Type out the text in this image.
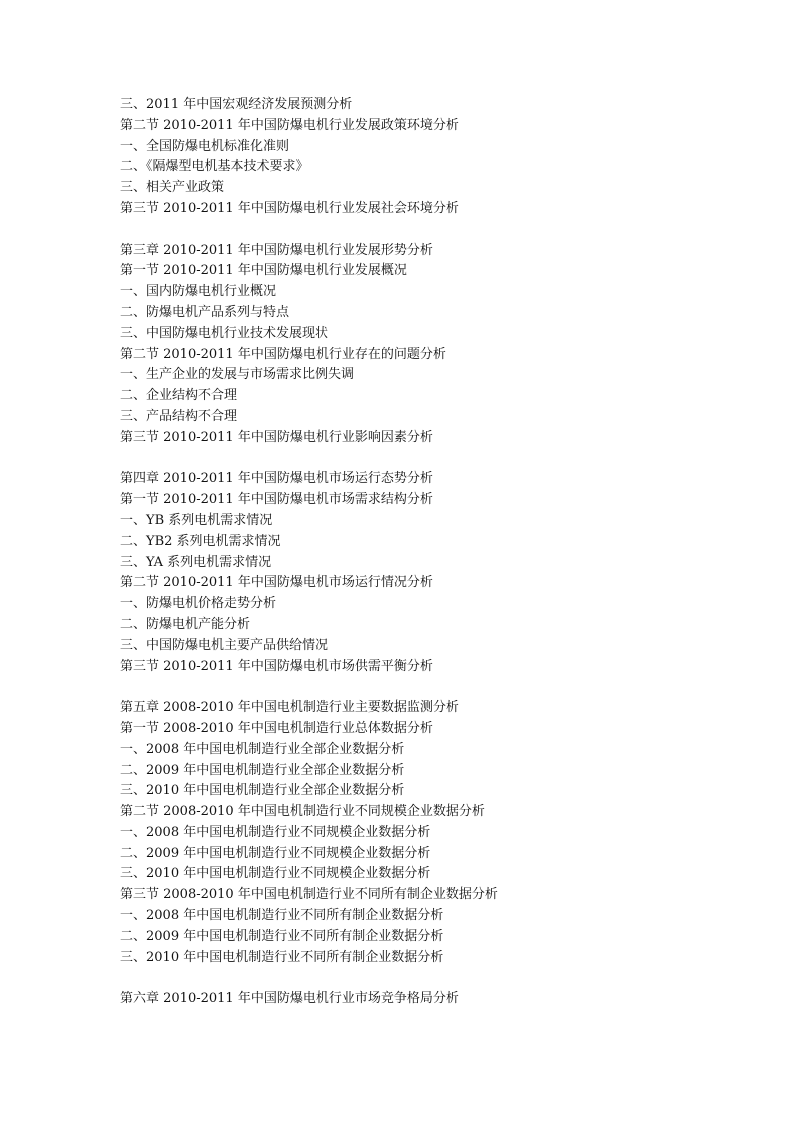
三、2011 年中国宏观经济发展预测分析
第二节 2010-2011 年中国防爆电机行业发展政策环境分析
一、全国防爆电机标准化准则
二、《隔爆型电机基本技术要求》
三、相关产业政策
第三节 2010-2011 年中国防爆电机行业发展社会环境分析
第三章 2010-2011 年中国防爆电机行业发展形势分析
第一节 2010-2011 年中国防爆电机行业发展概况
一、国内防爆电机行业概况
二、防爆电机产品系列与特点
三、中国防爆电机行业技术发展现状
第二节 2010-2011 年中国防爆电机行业存在的问题分析
一、生产企业的发展与市场需求比例失调
二、企业结构不合理
三、产品结构不合理
第三节 2010-2011 年中国防爆电机行业影响因素分析
第四章 2010-2011 年中国防爆电机市场运行态势分析
第一节 2010-2011 年中国防爆电机市场需求结构分析
一、YB 系列电机需求情况
二、YB2 系列电机需求情况
三、YA 系列电机需求情况
第二节 2010-2011 年中国防爆电机市场运行情况分析
一、防爆电机价格走势分析
二、防爆电机产能分析
三、中国防爆电机主要产品供给情况
第三节 2010-2011 年中国防爆电机市场供需平衡分析
第五章 2008-2010 年中国电机制造行业主要数据监测分析
第一节 2008-2010 年中国电机制造行业总体数据分析
一、2008 年中国电机制造行业全部企业数据分析
二、2009 年中国电机制造行业全部企业数据分析
三、2010 年中国电机制造行业全部企业数据分析
第二节 2008-2010 年中国电机制造行业不同规模企业数据分析
一、2008 年中国电机制造行业不同规模企业数据分析
二、2009 年中国电机制造行业不同规模企业数据分析
三、2010 年中国电机制造行业不同规模企业数据分析
第三节 2008-2010 年中国电机制造行业不同所有制企业数据分析
一、2008 年中国电机制造行业不同所有制企业数据分析
二、2009 年中国电机制造行业不同所有制企业数据分析
三、2010 年中国电机制造行业不同所有制企业数据分析
第六章 2010-2011 年中国防爆电机行业市场竞争格局分析
